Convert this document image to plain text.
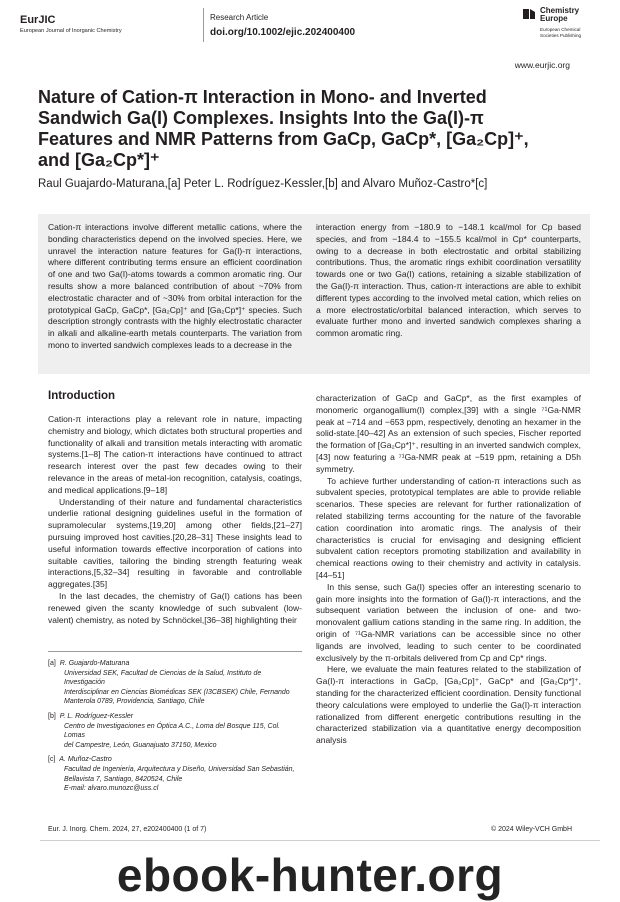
EurJIC
European Journal of Inorganic Chemistry
Research Article
doi.org/10.1002/ejic.202400400
Chemistry
Europe
European Chemical
Societies Publishing
www.eurjic.org
Nature of Cation-π Interaction in Mono- and Inverted
Sandwich Ga(I) Complexes. Insights Into the Ga(I)-π
Features and NMR Patterns from GaCp, GaCp*, [Ga₂Cp]⁺,
and [Ga₂Cp*]⁺
Raul Guajardo-Maturana,[a] Peter L. Rodríguez-Kessler,[b] and Alvaro Muñoz-Castro*[c]

Cation-π interactions involve different metallic cations, where the bonding characteristics depend on the involved species. Here, we unravel the interaction nature features for Ga(I)-π interactions, where different contributing terms ensure an efficient coordination of one and two Ga(I)-atoms towards a common aromatic ring. Our results show a more balanced contribution of about ~70% from electrostatic character and of ~30% from orbital interaction for the prototypical GaCp, GaCp*, [Ga₂Cp]⁺ and [Ga₂Cp*]⁺ species. Such description strongly contrasts with the highly electrostatic character in alkali and alkaline-earth metals counterparts. The variation from mono to inverted sandwich complexes leads to a decrease in the

interaction energy from −180.9 to −148.1 kcal/mol for Cp based species, and from −184.4 to −155.5 kcal/mol in Cp* counterparts, owing to a decrease in both electrostatic and orbital stabilizing contributions. Thus, the aromatic rings exhibit coordination versatility towards one or two Ga(I) cations, retaining a sizable stabilization of the Ga(I)-π interaction. Thus, cation-π interactions are able to exhibit different types according to the involved metal cation, which relies on a more electrostatic/orbital balanced interaction, which serves to evaluate further mono and inverted sandwich complexes sharing a common aromatic ring.

Introduction

Cation-π interactions play a relevant role in nature, impacting chemistry and biology, which dictates both structural properties and functionality of alkali and transition metals interacting with aromatic systems.[1–8] The cation-π interactions have continued to attract research interest over the past few decades owing to their relevance in the areas of metal-ion recognition, catalysis, coatings, and medical applications.[9–18]

Understanding of their nature and fundamental characteristics underlie rational designing guidelines useful in the formation of supramolecular systems,[19,20] among other fields,[21–27] pursuing improved host cavities.[20,28–31] These insights lead to useful information towards effective incorporation of cations into suitable cavities, tailoring the binding strength featuring weak interactions,[5,32–34] resulting in favorable and controllable aggregates.[35]

In the last decades, the chemistry of Ga(I) cations has been renewed given the scanty knowledge of such subvalent (low-valent) chemistry, as noted by Schnöckel,[36–38] highlighting their

characterization of GaCp and GaCp*, as the first examples of monomeric organogallium(I) complex,[39] with a single ⁷¹Ga-NMR peak at −714 and −653 ppm, respectively, denoting an hexamer in the solid-state.[40–42] As an extension of such species, Fischer reported the formation of [Ga₂Cp*]⁺, resulting in an inverted sandwich complex,[43] now featuring a ⁷¹Ga-NMR peak at −519 ppm, retaining a D5h symmetry.

To achieve further understanding of cation-π interactions such as subvalent species, prototypical templates are able to provide reliable scenarios. These species are relevant for further rationalization of related stabilizing terms accounting for the nature of the favorable cation coordination into aromatic rings. The analysis of their characteristics is crucial for envisaging and designing efficient subvalent cation receptors promoting stabilization and availability in chemical reactions owing to their chemistry and activity in catalysis.[44–51]

In this sense, such Ga(I) species offer an interesting scenario to gain more insights into the formation of Ga(I)-π interactions, and the subsequent variation between the inclusion of one- and two-monovalent gallium cations standing in the same ring. In addition, the origin of ⁷¹Ga-NMR variations can be accessible since no other ligands are involved, leading to such center to be coordinated exclusively by the π-orbitals delivered from Cp and Cp* rings.

Here, we evaluate the main features related to the stabilization of Ga(I)-π interactions in GaCp, [Ga₂Cp]⁺, GaCp* and [Ga₂Cp*]⁺, standing for the characterized efficient coordination. Density functional theory calculations were employed to underlie the Ga(I)-π interaction rationalized from different energetic contributions resulting in the characterized stabilization via a quantitative energy decomposition analysis

[a] R. Guajardo-Maturana
Universidad SEK, Facultad de Ciencias de la Salud, Instituto de Investigación
Interdisciplinar en Ciencias Biomédicas SEK (I3CBSEK) Chile, Fernando
Manterola 0789, Providencia, Santiago, Chile
[b] P. L. Rodríguez-Kessler
Centro de Investigaciones en Óptica A.C., Loma del Bosque 115, Col. Lomas
del Campestre, León, Guanajuato 37150, Mexico
[c] A. Muñoz-Castro
Facultad de Ingeniería, Arquitectura y Diseño, Universidad San Sebastián,
Bellavista 7, Santiago, 8420524, Chile
E-mail: alvaro.munozc@uss.cl
Eur. J. Inorg. Chem. 2024, 27, e202400400 (1 of 7)	© 2024 Wiley-VCH GmbH
ebook-hunter.org
